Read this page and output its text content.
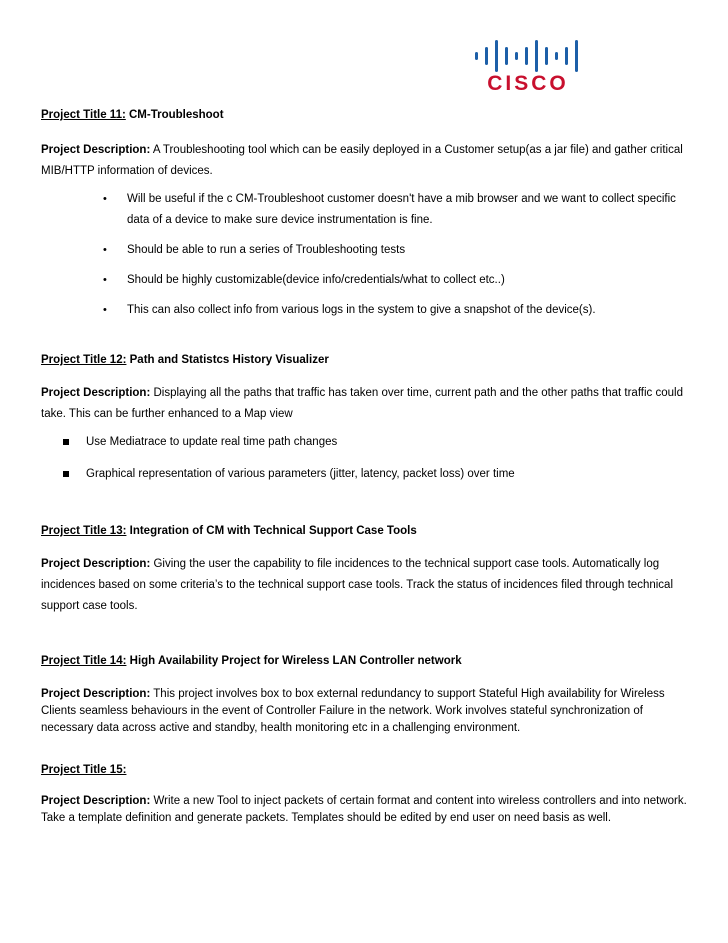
CISCO
Project Title 11: CM-Troubleshoot
Project Description: A Troubleshooting tool which can be easily deployed in a Customer setup(as a jar file) and gather critical MIB/HTTP information of devices.
• Will be useful if the c CM-Troubleshoot customer doesn't have a mib browser and we want to collect specific data of a device to make sure device instrumentation is fine.
• Should be able to run a series of Troubleshooting tests
• Should be highly customizable(device info/credentials/what to collect etc..)
• This can also collect info from various logs in the system to give a snapshot of the device(s).
Project Title 12: Path and Statistcs History Visualizer
Project Description: Displaying all the paths that traffic has taken over time, current path and the other paths that traffic could take. This can be further enhanced to a Map view
Use Mediatrace to update real time path changes
Graphical representation of various parameters (jitter, latency, packet loss) over time
Project Title 13: Integration of CM with Technical Support Case Tools
Project Description: Giving the user the capability to file incidences to the technical support case tools. Automatically log incidences based on some criteria’s to the technical support case tools. Track the status of incidences filed through technical support case tools.
Project Title 14: High Availability Project for Wireless LAN Controller network
Project Description: This project involves box to box external redundancy to support Stateful High availability for Wireless Clients seamless behaviours in the event of Controller Failure in the network. Work involves stateful synchronization of necessary data across active and standby, health monitoring etc in a challenging environment.
Project Title 15:
Project Description: Write a new Tool to inject packets of certain format and content into wireless controllers and into network. Take a template definition and generate packets. Templates should be edited by end user on need basis as well.
